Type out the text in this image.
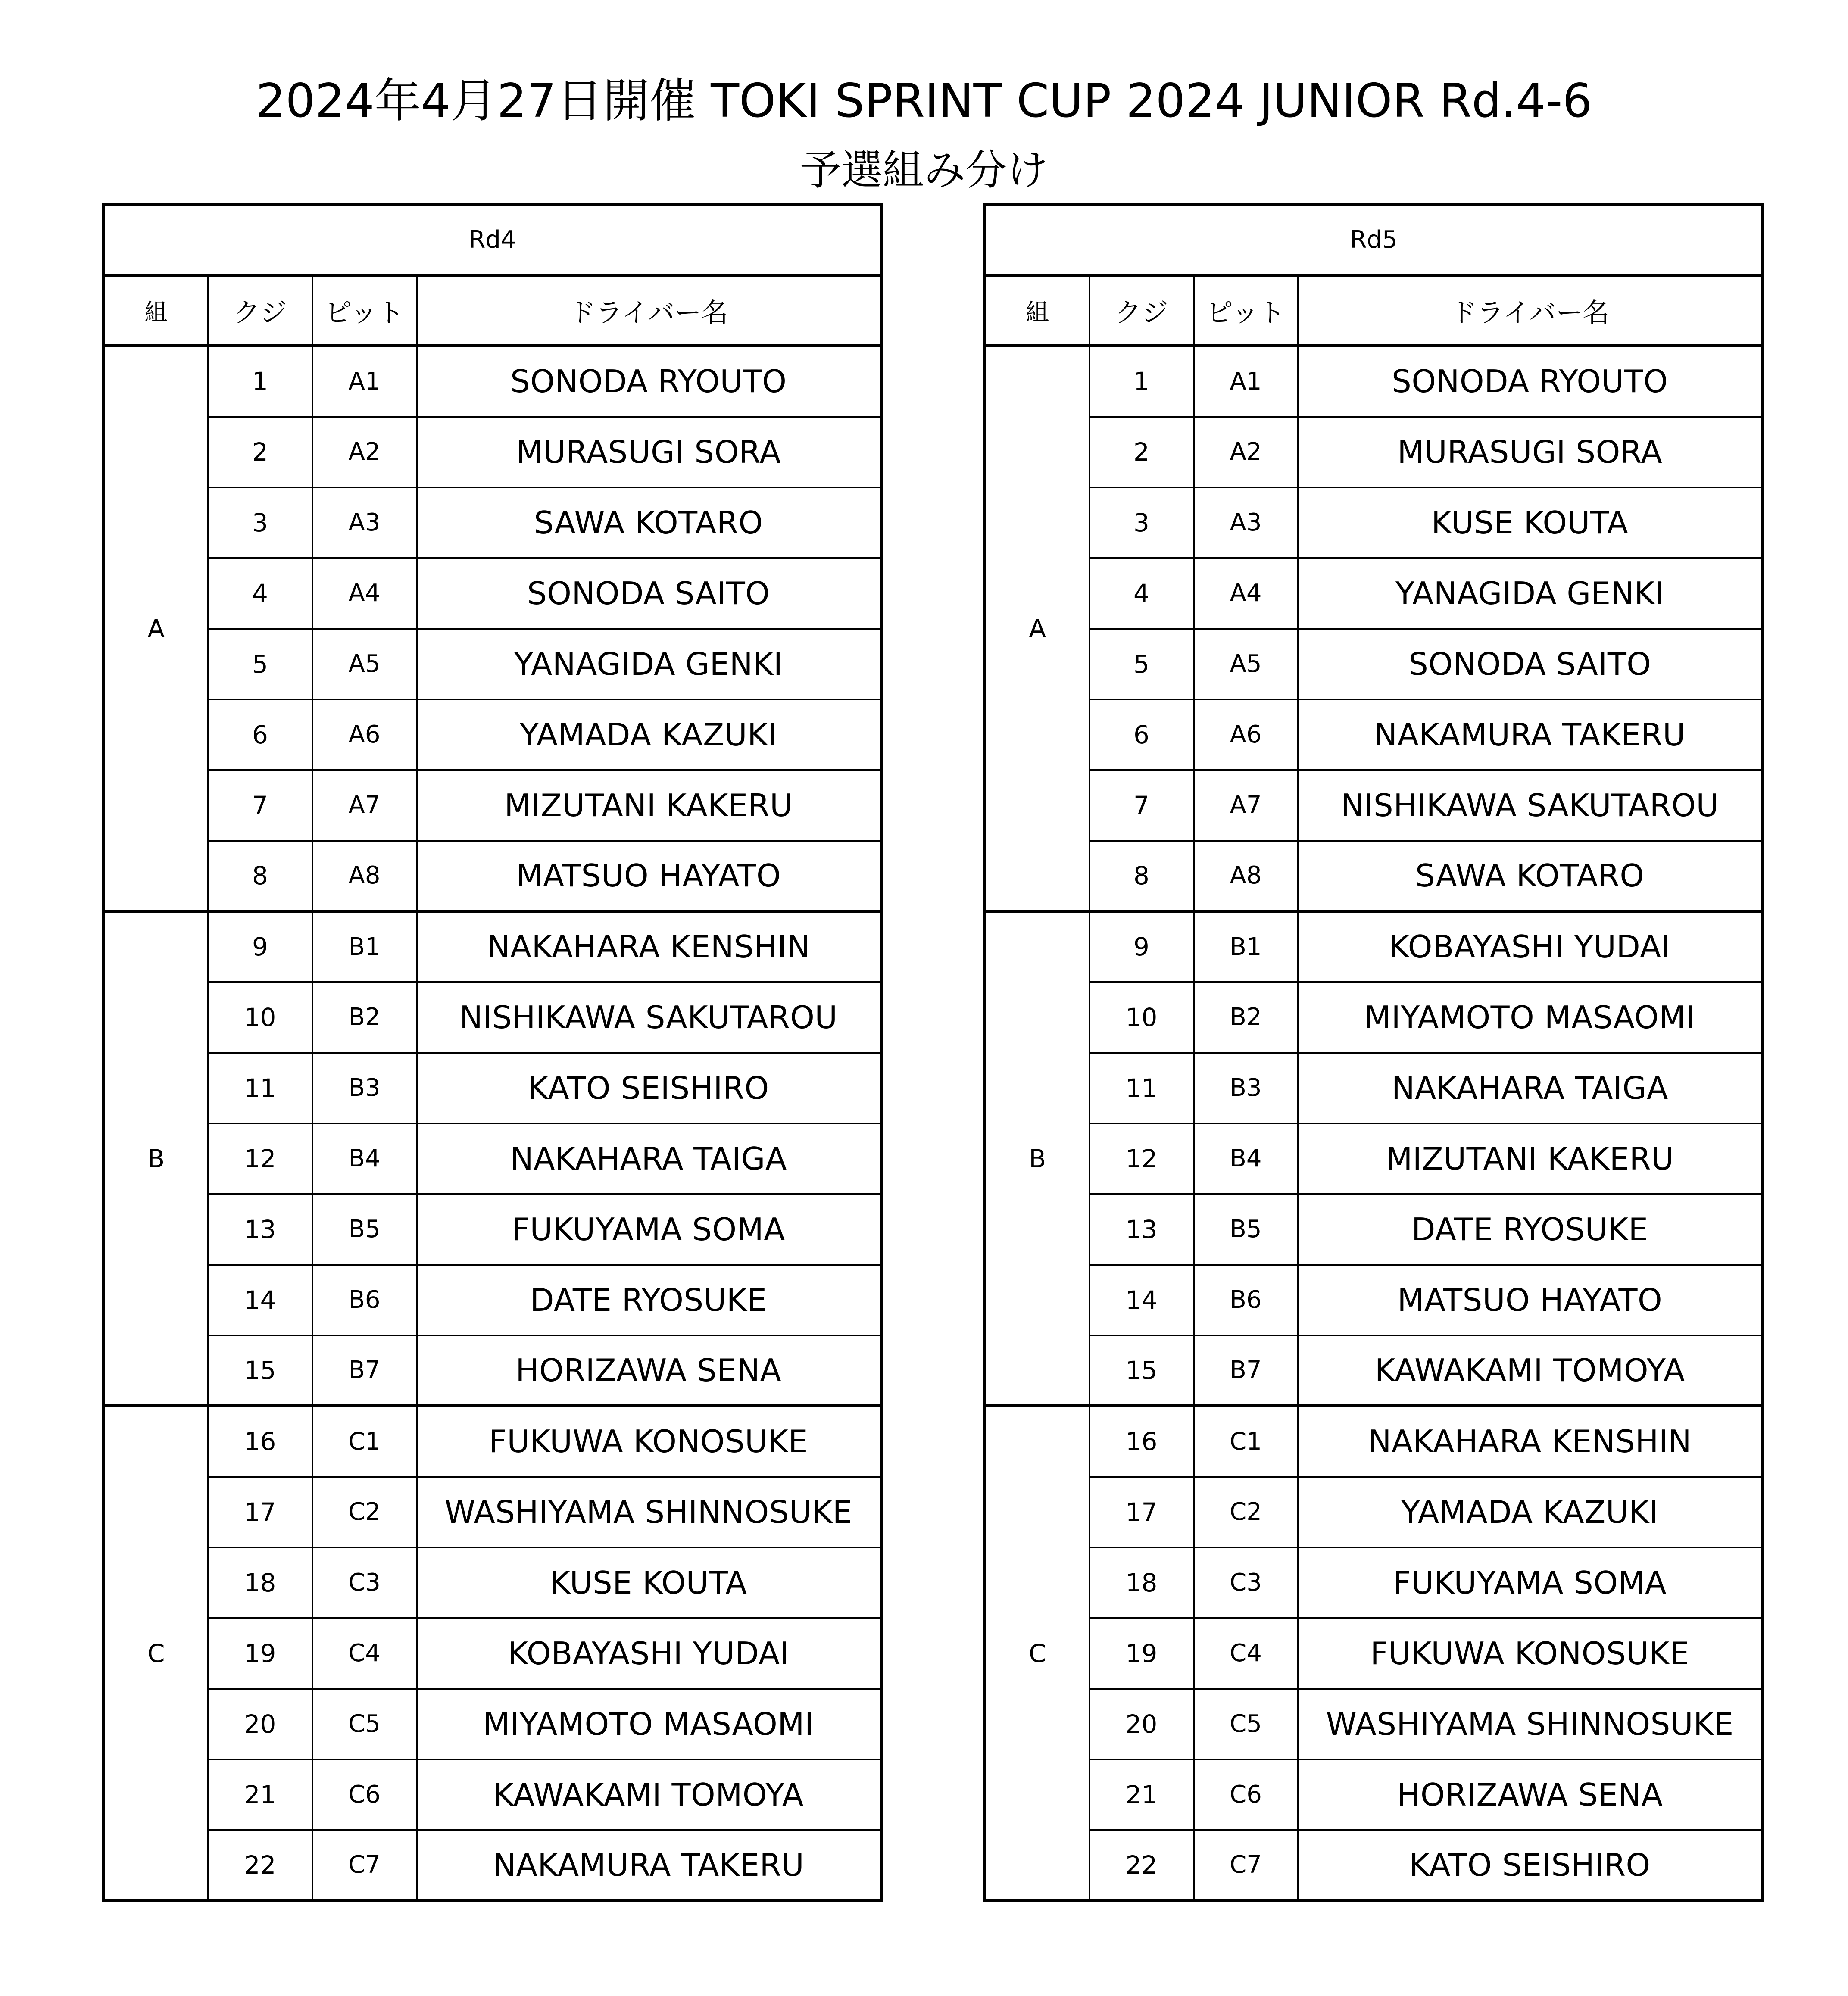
2024年4月27日開催 TOKI SPRINT CUP 2024 JUNIOR Rd.4-6
予選組み分け
Rd4			
組	クジ	ピット	ドライバー名
A	1	A1	SONODA RYOUTO
	2	A2	MURASUGI SORA
	3	A3	SAWA KOTARO
	4	A4	SONODA SAITO
	5	A5	YANAGIDA GENKI
	6	A6	YAMADA KAZUKI
	7	A7	MIZUTANI KAKERU
	8	A8	MATSUO HAYATO
B	9	B1	NAKAHARA KENSHIN
	10	B2	NISHIKAWA SAKUTAROU
	11	B3	KATO SEISHIRO
	12	B4	NAKAHARA TAIGA
	13	B5	FUKUYAMA SOMA
	14	B6	DATE RYOSUKE
	15	B7	HORIZAWA SENA
C	16	C1	FUKUWA KONOSUKE
	17	C2	WASHIYAMA SHINNOSUKE
	18	C3	KUSE KOUTA
	19	C4	KOBAYASHI YUDAI
	20	C5	MIYAMOTO MASAOMI
	21	C6	KAWAKAMI TOMOYA
	22	C7	NAKAMURA TAKERU
Rd5			
組	クジ	ピット	ドライバー名
A	1	A1	SONODA RYOUTO
	2	A2	MURASUGI SORA
	3	A3	KUSE KOUTA
	4	A4	YANAGIDA GENKI
	5	A5	SONODA SAITO
	6	A6	NAKAMURA TAKERU
	7	A7	NISHIKAWA SAKUTAROU
	8	A8	SAWA KOTARO
B	9	B1	KOBAYASHI YUDAI
	10	B2	MIYAMOTO MASAOMI
	11	B3	NAKAHARA TAIGA
	12	B4	MIZUTANI KAKERU
	13	B5	DATE RYOSUKE
	14	B6	MATSUO HAYATO
	15	B7	KAWAKAMI TOMOYA
C	16	C1	NAKAHARA KENSHIN
	17	C2	YAMADA KAZUKI
	18	C3	FUKUYAMA SOMA
	19	C4	FUKUWA KONOSUKE
	20	C5	WASHIYAMA SHINNOSUKE
	21	C6	HORIZAWA SENA
	22	C7	KATO SEISHIRO
